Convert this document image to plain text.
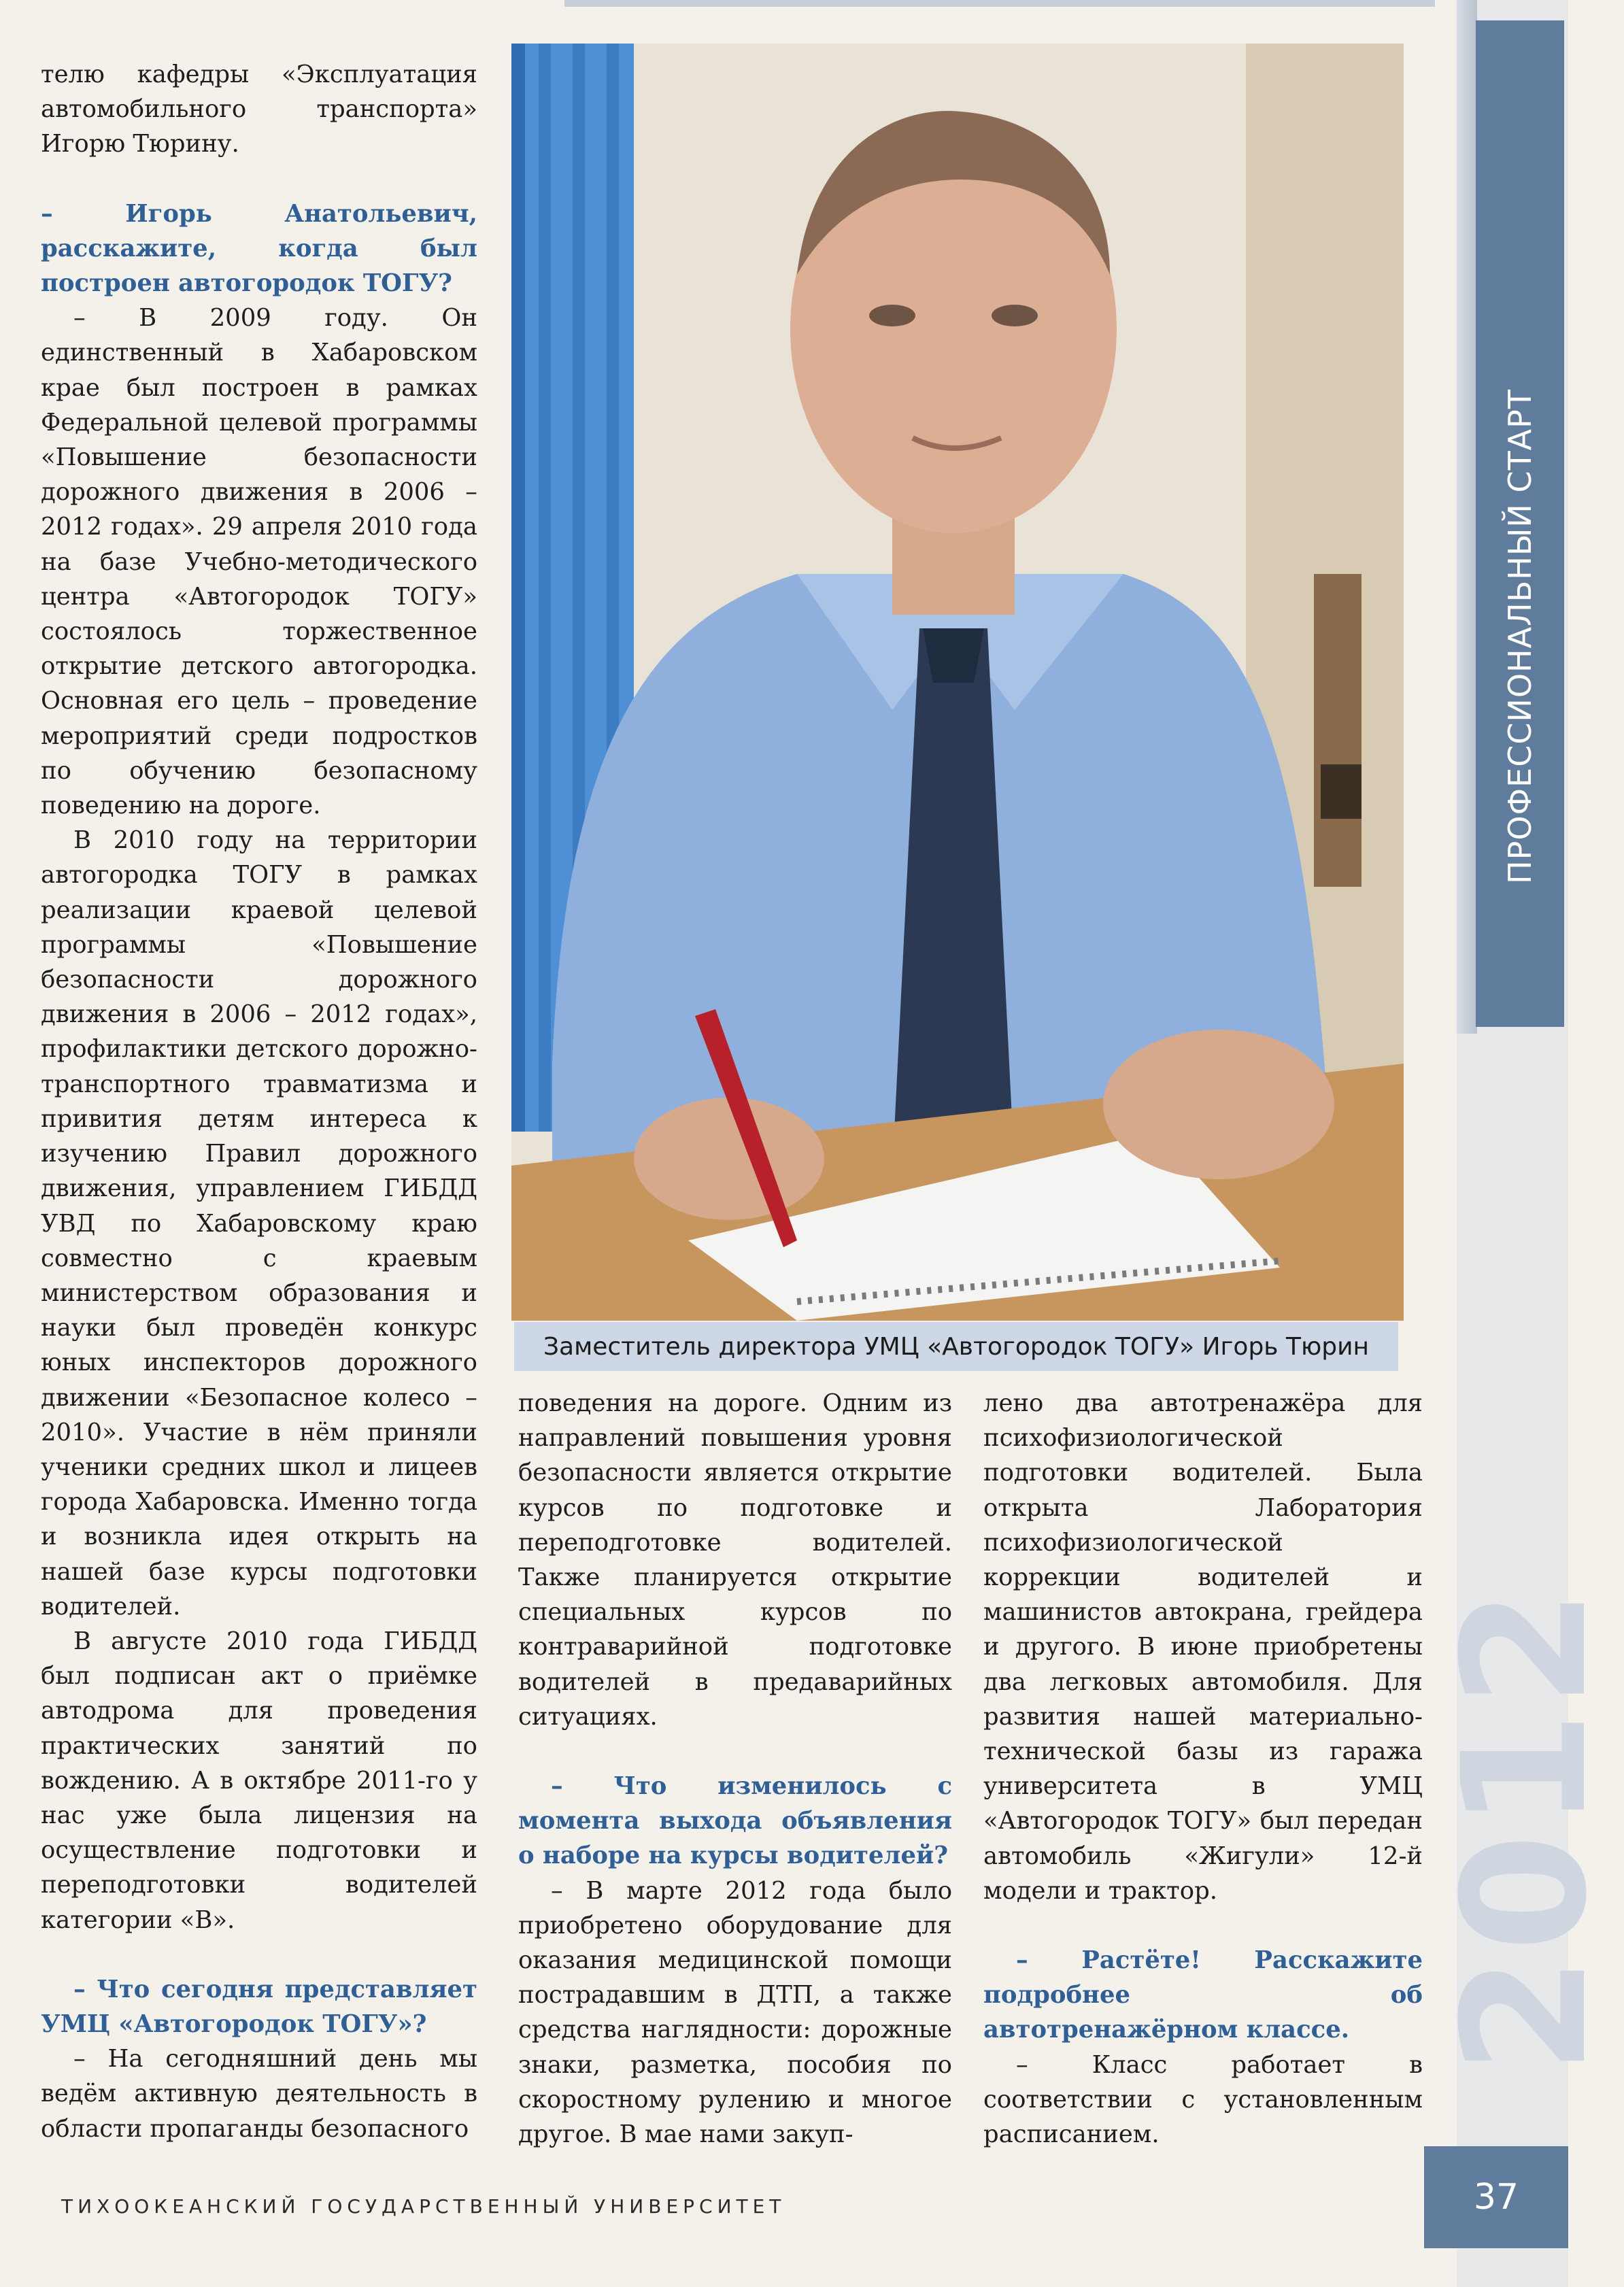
телю кафедры «Эксплуатация автомобильного транспорта» Игорю Тюрину.

– Игорь Анатольевич, расскажите, когда был построен автогородок ТОГУ?

– В 2009 году. Он единственный в Хабаровском крае был построен в рамках Федеральной целевой программы «Повышение безопасности дорожного движения в 2006 – 2012 годах». 29 апреля 2010 года на базе Учебно-методического центра «Автогородок ТОГУ» состоялось торжественное открытие детского автогородка. Основная его цель – проведение мероприятий среди подростков по обучению безопасному поведению на дороге.

В 2010 году на территории автогородка ТОГУ в рамках реализации краевой целевой программы «Повышение безопасности дорожного движения в 2006 – 2012 годах», профилактики детского дорожно-транспортного травматизма и привития детям интереса к изучению Правил дорожного движения, управлением ГИБДД УВД по Хабаровскому краю совместно с краевым министерством образования и науки был проведён конкурс юных инспекторов дорожного движении «Безопасное колесо – 2010». Участие в нём приняли ученики средних школ и лицеев города Хабаровска. Именно тогда и возникла идея открыть на нашей базе курсы подготовки водителей.

В августе 2010 года ГИБДД был подписан акт о приёмке автодрома для проведения практических занятий по вождению. А в октябре 2011-го у нас уже была лицензия на осуществление подготовки и переподготовки водителей категории «В».

– Что сегодня представляет УМЦ «Автогородок ТОГУ»?

– На сегодняшний день мы ведём активную деятельность в области пропаганды безопасного

Заместитель директора УМЦ «Автогородок ТОГУ» Игорь Тюрин

поведения на дороге. Одним из направлений повышения уровня безопасности является открытие курсов по подготовке и переподготовке водителей. Также планируется открытие специальных курсов по контраварийной подготовке водителей в предаварийных ситуациях.

– Что изменилось с момента выхода объявления о наборе на курсы водителей?

– В марте 2012 года было приобретено оборудование для оказания медицинской помощи пострадавшим в ДТП, а также средства наглядности: дорожные знаки, разметка, пособия по скоростному рулению и многое другое. В мае нами закуп-

лено два автотренажёра для психофизиологической подготовки водителей. Была открыта Лаборатория психофизиологической коррекции водителей и машинистов автокрана, грейдера и другого. В июне приобретены два легковых автомобиля. Для развития нашей материально-технической базы из гаража университета в УМЦ «Автогородок ТОГУ» был передан автомобиль «Жигули» 12-й модели и трактор.

– Растёте! Расскажите подробнее об автотренажёрном классе.

– Класс работает в соответствии с установленным расписанием.

ПРОФЕССИОНАЛЬНЫЙ СТАРТ
2012
ТИХООКЕАНСКИЙ ГОСУДАРСТВЕННЫЙ УНИВЕРСИТЕТ	37
